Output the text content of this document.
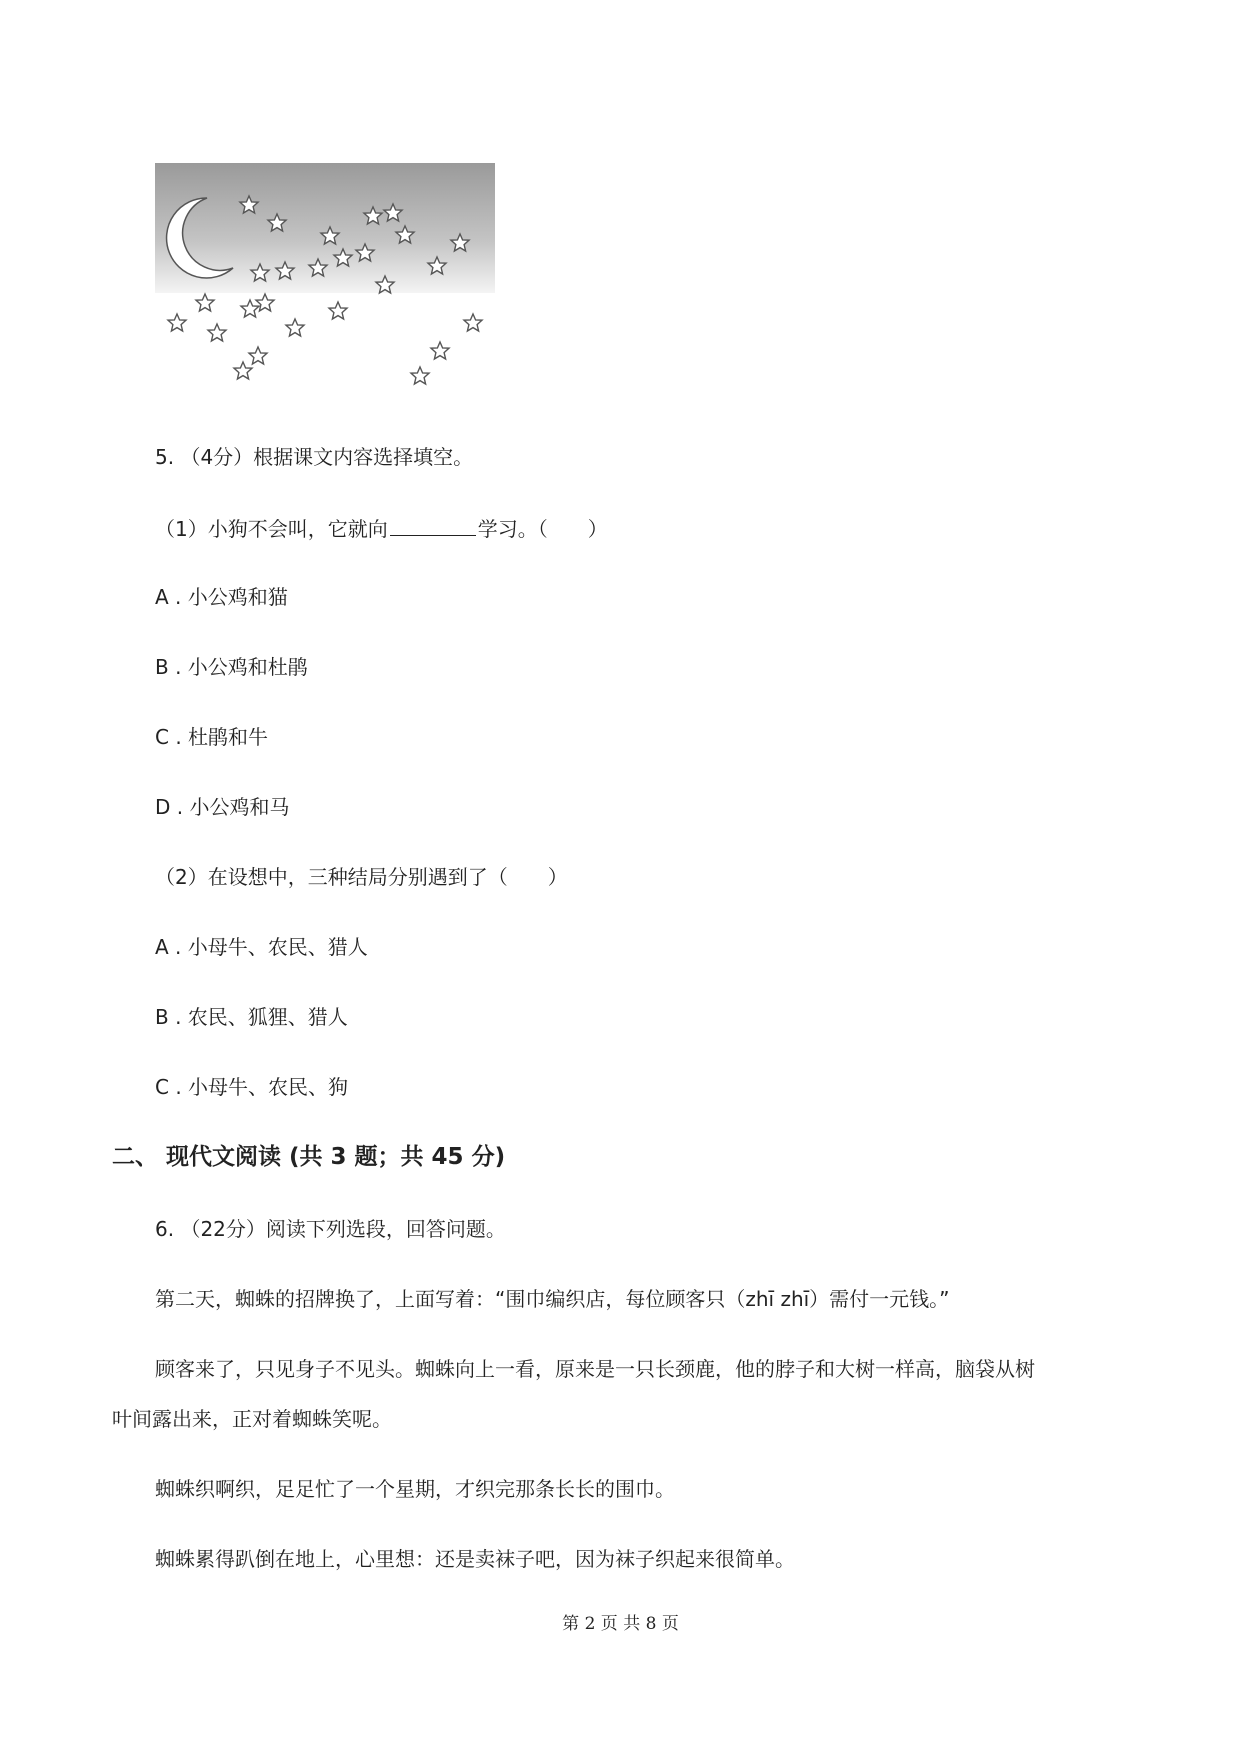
5. （4分）根据课文内容选择填空。
（1）小狗不会叫，它就向	学习。（　　）
A . 小公鸡和猫
B . 小公鸡和杜鹃
C . 杜鹃和牛
D . 小公鸡和马
（2）在设想中，三种结局分别遇到了（　　）
A . 小母牛、农民、猎人
B . 农民、狐狸、猎人
C . 小母牛、农民、狗
二、 现代文阅读 (共 3 题；共 45 分)
6. （22分）阅读下列选段，回答问题。
第二天，蜘蛛的招牌换了，上面写着：“围巾编织店，每位顾客只（zhī zhī）需付一元钱。”
顾客来了，只见身子不见头。蜘蛛向上一看，原来是一只长颈鹿，他的脖子和大树一样高，脑袋从树
叶间露出来，正对着蜘蛛笑呢。
蜘蛛织啊织，足足忙了一个星期，才织完那条长长的围巾。
蜘蛛累得趴倒在地上，心里想：还是卖袜子吧，因为袜子织起来很简单。
第 2 页 共 8 页
